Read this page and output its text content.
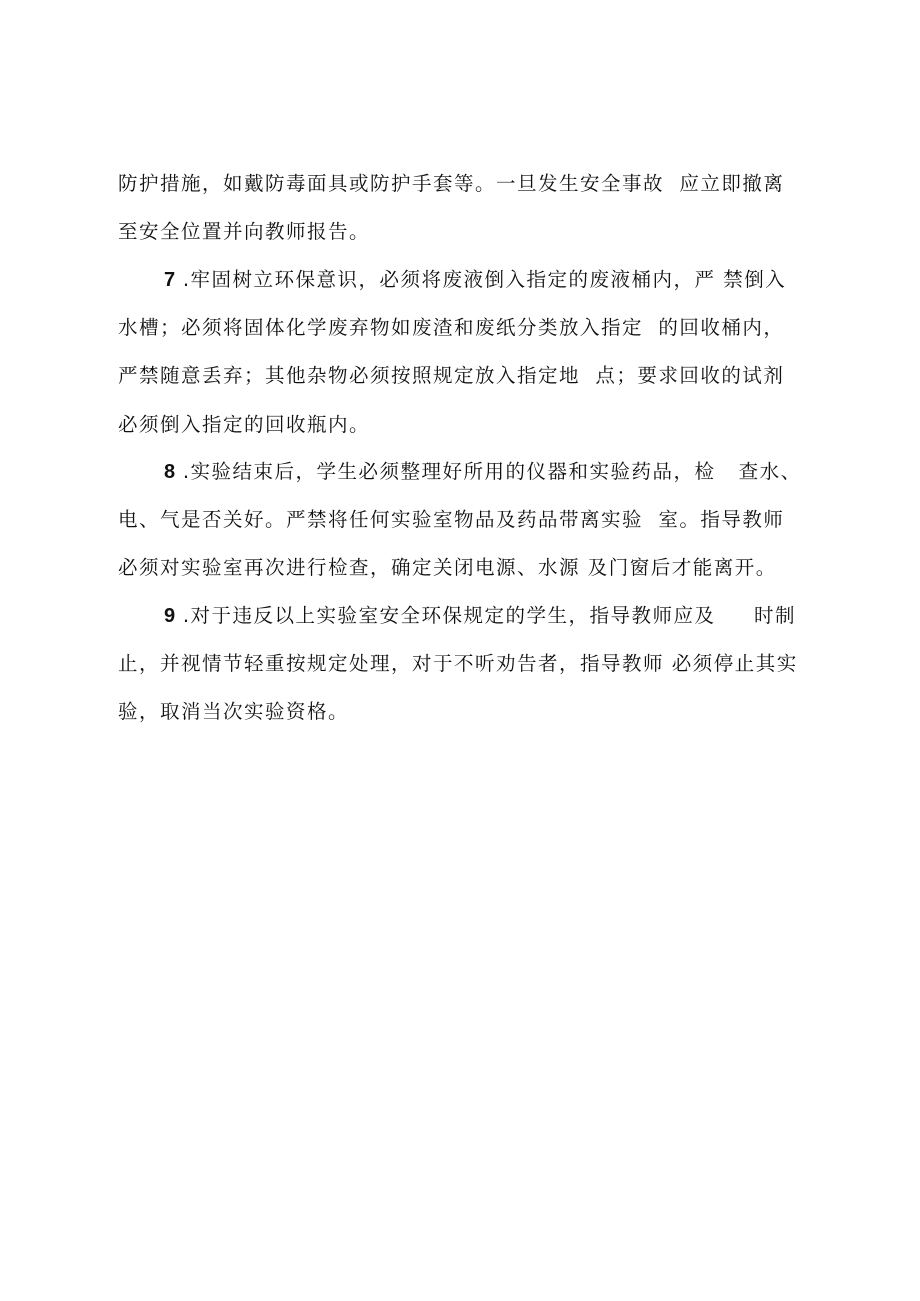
防护措施，如戴防毒面具或防护手套等。一旦发生安全事故  应立即撤离
至安全位置并向教师报告。
7 .牢固树立环保意识，必须将废液倒入指定的废液桶内，严 禁倒入
水槽；必须将固体化学废弃物如废渣和废纸分类放入指定  的回收桶内，
严禁随意丢弃；其他杂物必须按照规定放入指定地  点；要求回收的试剂
必须倒入指定的回收瓶内。
8 .实验结束后，学生必须整理好所用的仪器和实验药品，检   查水、
电、气是否关好。严禁将任何实验室物品及药品带离实验  室。指导教师
必须对实验室再次进行检查，确定关闭电源、水源 及门窗后才能离开。
9 .对于违反以上实验室安全环保规定的学生，指导教师应及     时制
止，并视情节轻重按规定处理，对于不听劝告者，指导教师 必须停止其实
验，取消当次实验资格。
